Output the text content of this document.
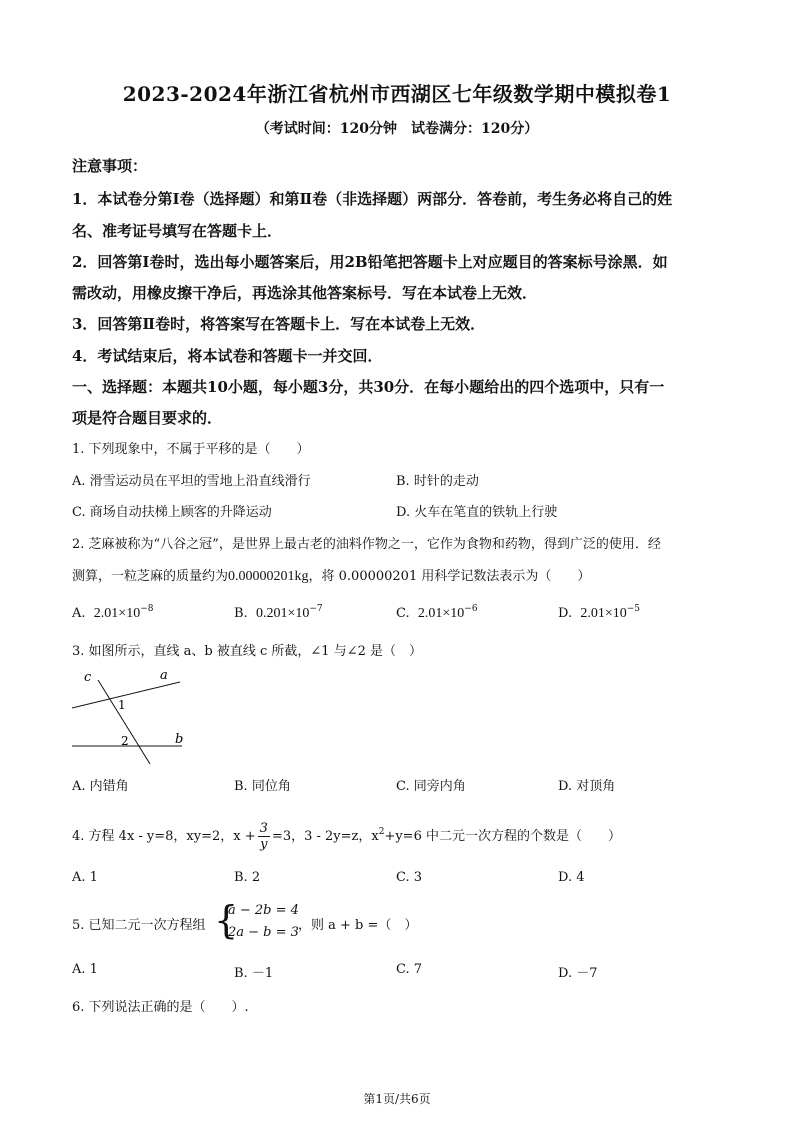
2023-2024年浙江省杭州市西湖区七年级数学期中模拟卷1
（考试时间：120分钟　试卷满分：120分）
注意事项：
1．本试卷分第Ⅰ卷（选择题）和第Ⅱ卷（非选择题）两部分．答卷前，考生务必将自己的姓
名、准考证号填写在答题卡上．
2．回答第Ⅰ卷时，选出每小题答案后，用2B铅笔把答题卡上对应题目的答案标号涂黑．如
需改动，用橡皮擦干净后，再选涂其他答案标号．写在本试卷上无效．
3．回答第Ⅱ卷时，将答案写在答题卡上．写在本试卷上无效．
4．考试结束后，将本试卷和答题卡一并交回．
一、选择题：本题共10小题，每小题3分，共30分．在每小题给出的四个选项中，只有一
项是符合题目要求的．
1. 下列现象中，不属于平移的是（　　）
A. 滑雪运动员在平坦的雪地上沿直线滑行	B. 时针的走动
C. 商场自动扶梯上顾客的升降运动	D. 火车在笔直的铁轨上行驶
2. 芝麻被称为“八谷之冠”，是世界上最古老的油料作物之一，它作为食物和药物，得到广泛的使用．经
测算，一粒芝麻的质量约为0.00000201kg，将 0.00000201 用科学记数法表示为（　　）
A. $2.01\times 10^{-8}$	B. $0.201\times 10^{-7}$	C. $2.01\times 10^{-6}$	D. $2.01\times 10^{-5}$
3. 如图所示，直线 a、b 被直线 c 所截，∠1 与∠2 是（　）
c	a
b
1
2
A. 内错角	B. 同位角	C. 同旁内角	D. 对顶角
4. 方程 4x - y=8，xy=2，$x + \frac{3}{y} =3$，3 - 2y=z，$x^2+y=6$ 中二元一次方程的个数是（　　）
A. 1	B. 2	C. 3	D. 4
5. 已知二元一次方程组 {
a − 2b = 4
2a − b = 3 ，则 a + b =（　）
A. 1	B. －1	C. 7	D. －7
6. 下列说法正确的是（　　）.
第1页/共6页
